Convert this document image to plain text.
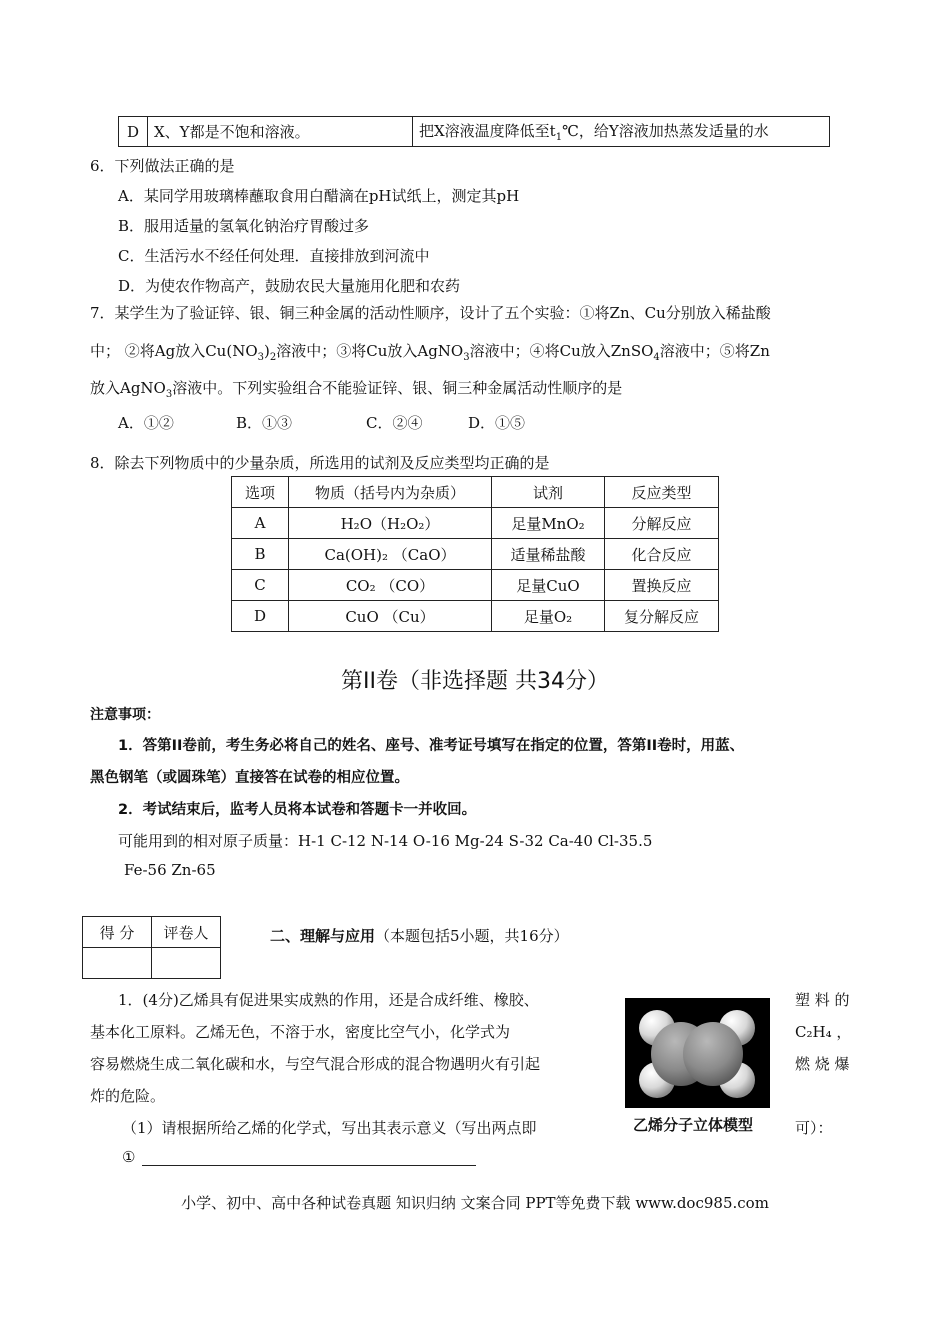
D	X、Y都是不饱和溶液。	把X溶液温度降低至$t_1℃$，给Y溶液加热蒸发适量的水
6．下列做法正确的是
A．某同学用玻璃棒蘸取食用白醋滴在pH试纸上，测定其pH
B．服用适量的氢氧化钠治疗胃酸过多
C．生活污水不经任何处理．直接排放到河流中
D．为使农作物高产，鼓励农民大量施用化肥和农药
7．某学生为了验证锌、银、铜三种金属的活动性顺序，设计了五个实验：①将Zn、Cu分别放入稀盐酸
中； ②将Ag放入$Cu(NO_3)_2$溶液中；③将Cu放入AgNO$_3$溶液中；④将Cu放入ZnSO$_4$溶液中；⑤将Zn
放入AgNO$_3$溶液中。下列实验组合不能验证锌、银、铜三种金属活动性顺序的是
A．①②	B．①③	C．②④	D．①⑤
8．除去下列物质中的少量杂质，所选用的试剂及反应类型均正确的是
选项	物质（括号内为杂质）	试剂	反应类型
A	H₂O（H₂O₂）	足量MnO₂	分解反应
B	Ca(OH)₂ （CaO）	适量稀盐酸	化合反应
C	CO₂ （CO）	足量CuO	置换反应
D	CuO （Cu）	足量O₂	复分解反应
第II卷（非选择题 共34分）
注意事项：
1．答第II卷前，考生务必将自己的姓名、座号、准考证号填写在指定的位置，答第II卷时，用蓝、
黑色钢笔（或圆珠笔）直接答在试卷的相应位置。
2．考试结束后，监考人员将本试卷和答题卡一并收回。
可能用到的相对原子质量：H-1 C-12 N-14 O-16 Mg-24 S-32 Ca-40 Cl-35.5
Fe-56 Zn-65
得 分	评卷人
		二、理解与应用（本题包括5小题，共16分）
1．(4分)乙烯具有促进果实成熟的作用，还是合成纤维、橡胶、	塑 料 的
基本化工原料。乙烯无色，不溶于水，密度比空气小，化学式为	C₂H₄ ，
容易燃烧生成二氧化碳和水，与空气混合形成的混合物遇明火有引起	燃 烧 爆
炸的危险。
（1）请根据所给乙烯的化学式，写出其表示意义（写出两点即	可）：
①
乙烯分子立体模型
小学、初中、高中各种试卷真题 知识归纳 文案合同 PPT等免费下载 www.doc985.com
